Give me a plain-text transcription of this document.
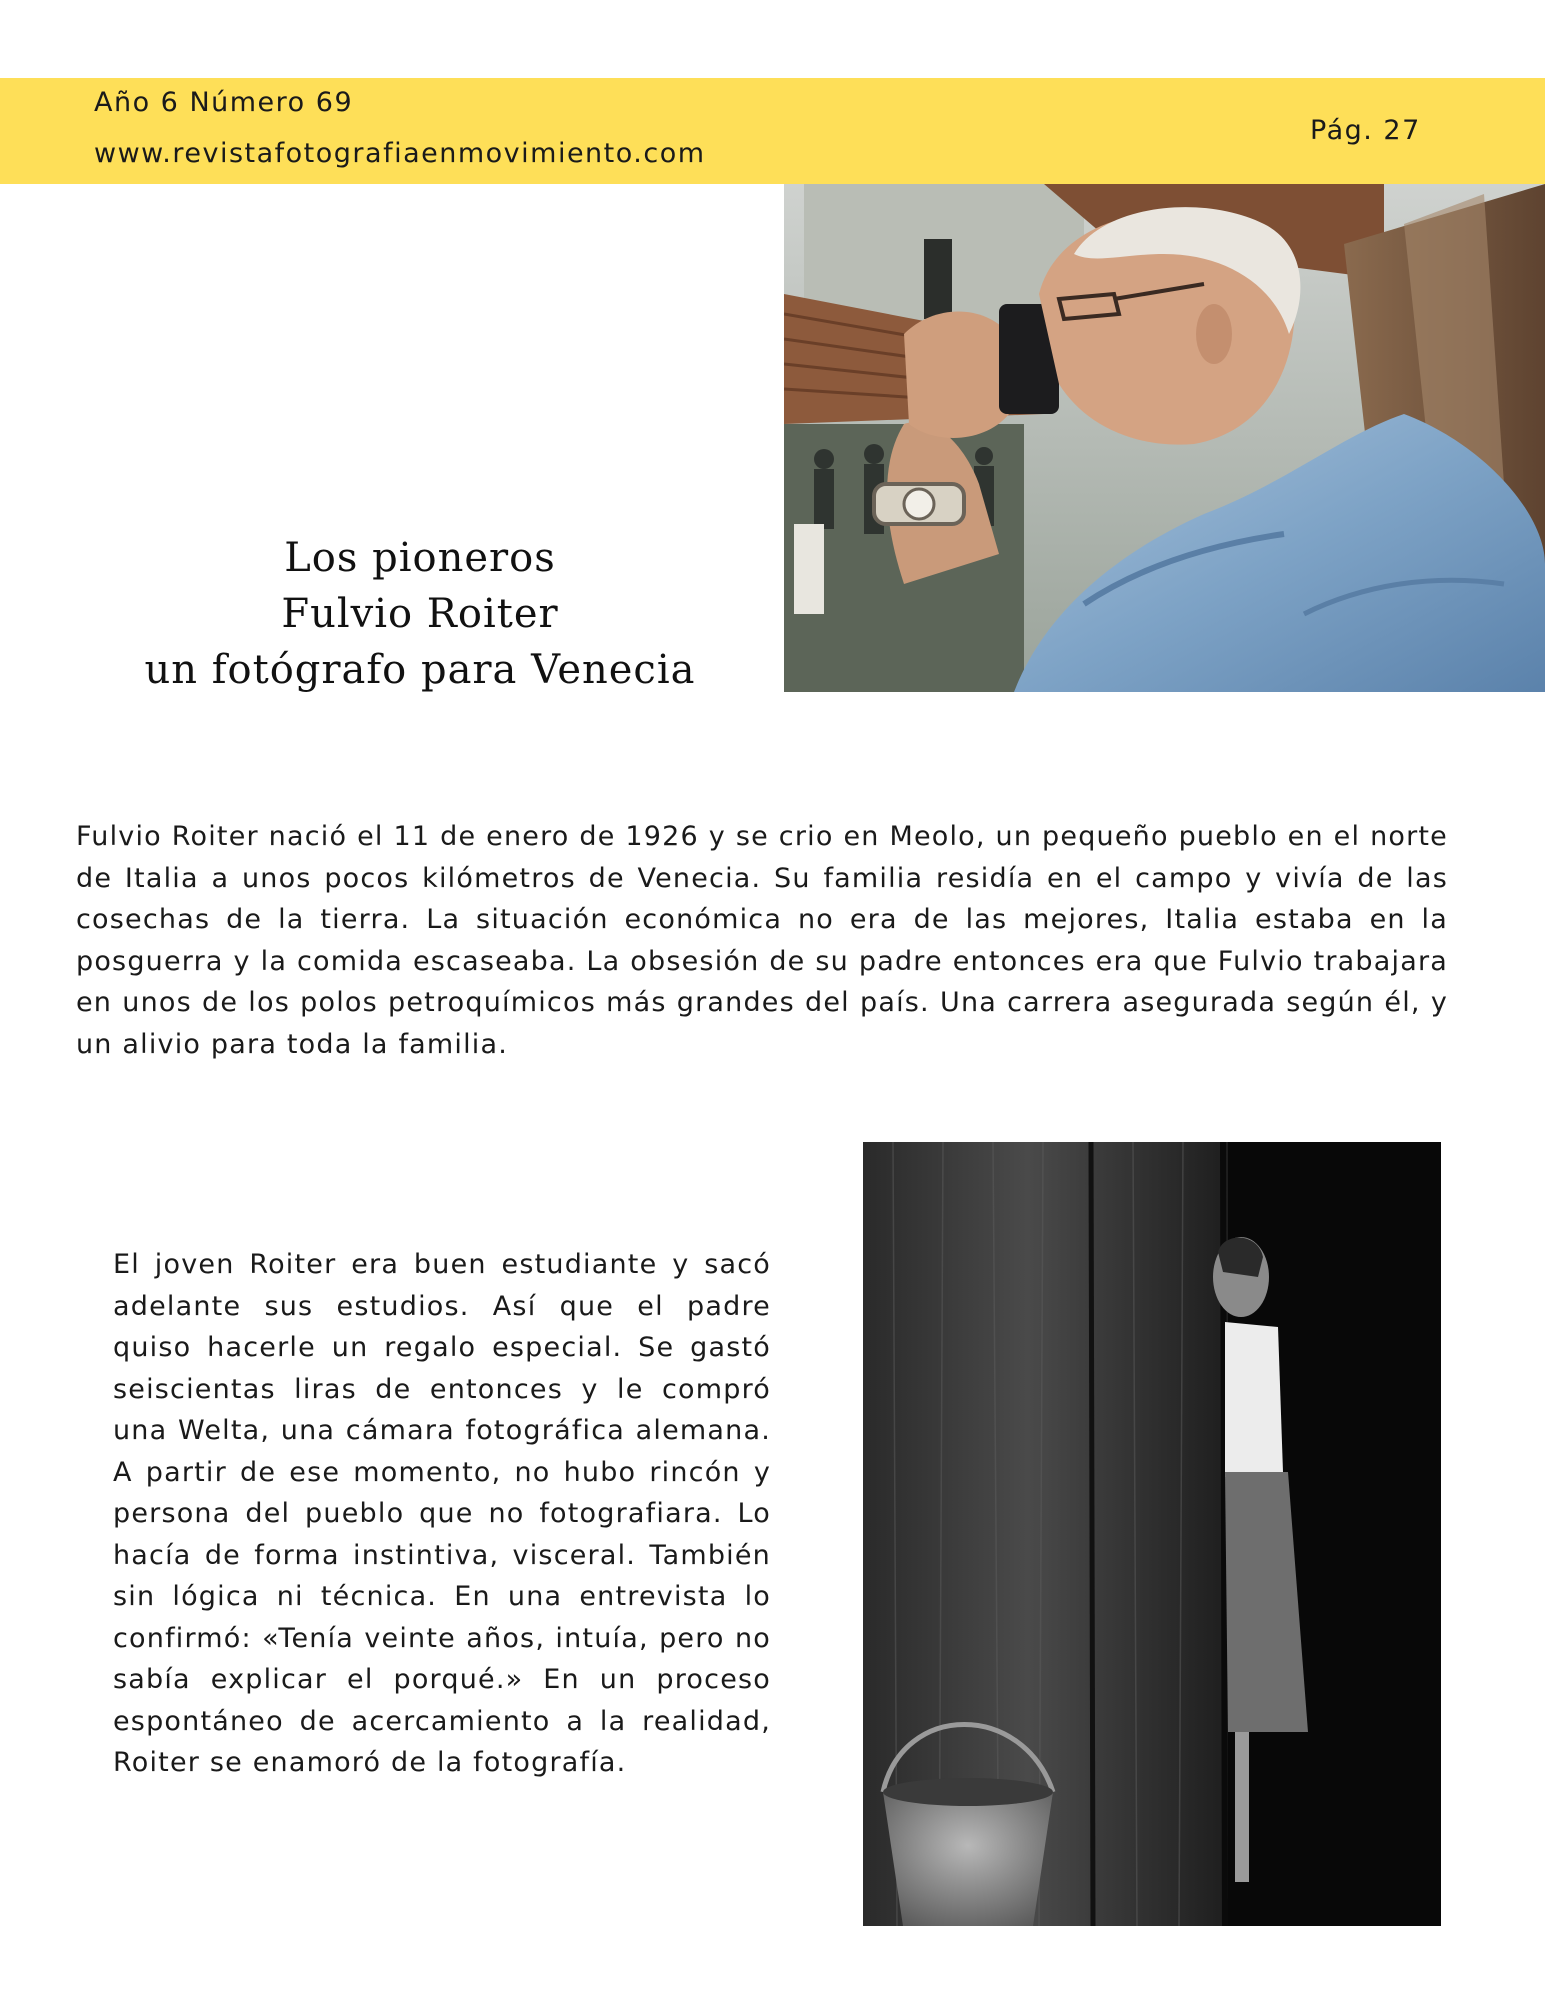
Año 6 Número 69
www.revistafotografiaenmovimiento.com
Pág. 27
Los pioneros
Fulvio Roiter
un fotógrafo para Venecia

Fulvio Roiter nació el 11 de enero de 1926 y se crio en Meolo, un pequeño pueblo en el norte de Italia a unos pocos kilómetros de Venecia. Su familia residía en el campo y vivía de las cosechas de la tierra. La situación económica no era de las mejores, Italia estaba en la posguerra y la comida escaseaba. La obsesión de su padre entonces era que Fulvio trabajara en unos de los polos petroquímicos más grandes del país. Una carrera asegurada según él, y un alivio para toda la familia.

El joven Roiter era buen estudiante y sacó adelante sus estudios. Así que el padre quiso hacerle un regalo especial. Se gastó seiscientas liras de entonces y le compró una Welta, una cámara fotográfica alemana. A partir de ese momento, no hubo rincón y persona del pueblo que no fotografiara. Lo hacía de forma instintiva, visceral. También sin lógica ni técnica. En una entrevista lo confirmó: «Tenía veinte años, intuía, pero no sabía explicar el porqué.» En un proceso espontáneo de acercamiento a la realidad, Roiter se enamoró de la fotografía.
